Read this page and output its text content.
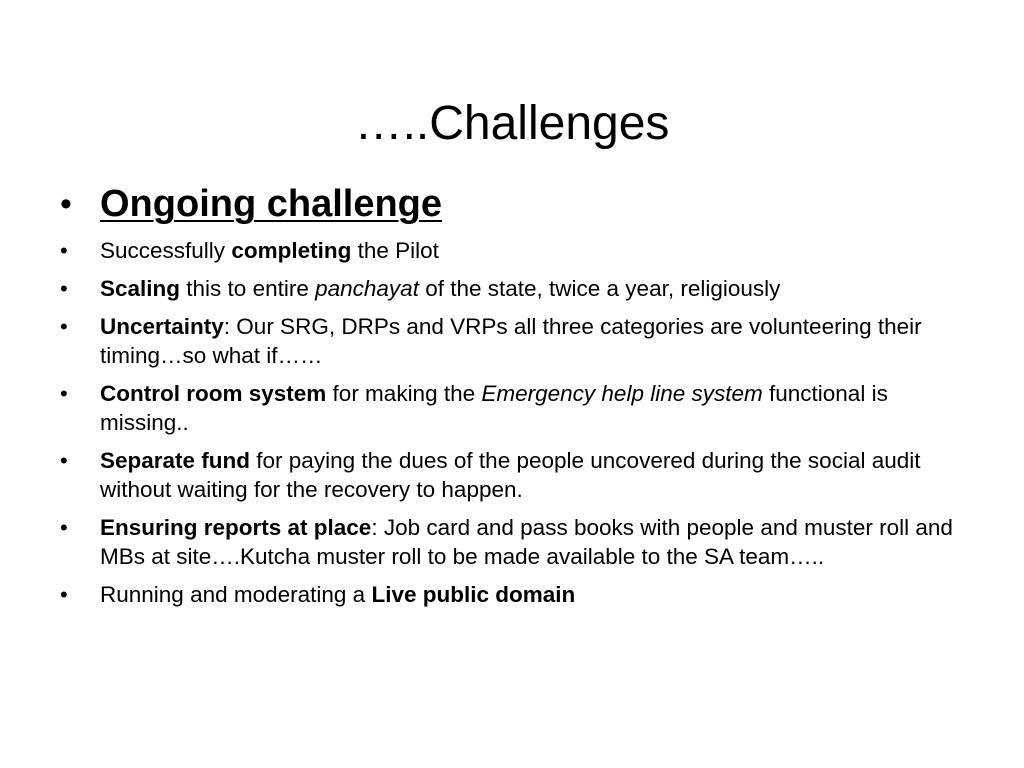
…..Challenges
• Ongoing challenge
• Successfully completing the Pilot
• Scaling this to entire panchayat of the state, twice a year, religiously
• Uncertainty: Our SRG, DRPs and VRPs all three categories are volunteering their timing…so what if……
• Control room system for making the Emergency help line system functional is missing..
• Separate fund for paying the dues of the people uncovered during the social audit without waiting for the recovery to happen.
• Ensuring reports at place: Job card and pass books with people and muster roll and MBs at site….Kutcha muster roll to be made available to the SA team…..
• Running and moderating a Live public domain
